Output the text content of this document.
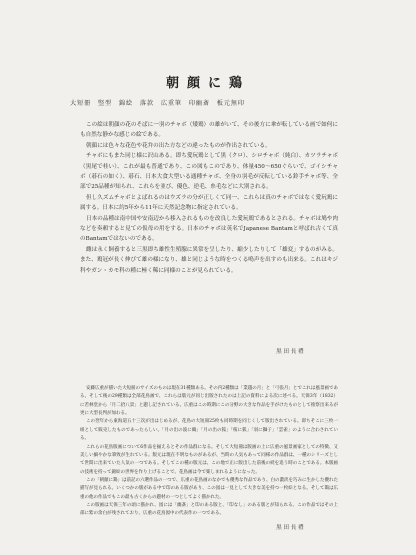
朝顔に鶏
大短冊　竪型　錦絵　落款　広重筆　印幽斎　板元無印

この絵は朝顔の花のそばに一羽のチャボ（矮鶏）の雄がいて、その後方に傘が転している画で如何にも自然な静かな感じの絵である。

朝顔には色々な花色や花弁の出た方などの違ったものが作出されている。

チャボにもまた同じ様に沢山ある。即ち愛玩鶏として黒（クロ）、シロチャボ（純白）、カツラチャボ（黒尾で桂い）、これが最も普通であり、この図もこのであり、体量450〜650ぐらいで、ゴイシチャボ（碁石の如く）、碁石、日本大食大型いる通種チャボ、全身の羽毛が反転している鈴手チャボ等、全部で25品種が知られ、これらを並び、優色、逆毛、糸毛などに大別される。

但し久ズムチャボとよばれるのはウズラの分が正しくて同一、これらは真のチャボではなく愛玩鶏に属する。日本に約5年から11年に天然記念物に指定されている。

日本の品種は南中国や安南辺から移入されるものを改良した愛玩鶏であるとされる。チャボは鳩や肉などを奏頼すると見ての仮母の用をする。日本のチャボは英名でJapanese Bantamと呼ばれ古くて真のBantamではないのである。

雌は永く飼養すると三黒即ち雄性生殖腺に異常を呈したり、縮少したりして「雄変」するのがみる。また、鶏冠が長く伸びて雄の様になり、雄と同じような時をつくる鳴声を出すのも出来る。これはキジ科やガン・カモ科の種に極く稀に同様のことが見られている。

黒田長禮

安藤広重が描いた大短冊のサイズのものは現在31種類ある。その内2種類は「業越の月」と「弓張月」とでこれは風景画である。そして後の29種類は全部花鳥画で、これらは版元が同じ出版されたのは上記の資料による次に述べる。天保3年（1832）に若林堂から「月二拾八景」と題し記されている。広重はこの時期にこの分野の大きな作品を手がけたものとして推察出来るが更に大型長判が加わる。

この翌年から東海道五十三次が出はじめるが、花鳥の大短冊25枚も同時期を同じくして版出されている。即ちそこに三枚一組として販売したものであったらしい。「月の出の波に鶴」「月の出の狐」「桜に狐」「羽に獅子」「雲雀」のように合わされている。

これらの花鳥版画について6作品を揃えるとその作品群になる。そして大短冊は版画の上に広重の風景画家としての特徴、又美しい細やかな筆致が生れている。版元は現在不明なものがあるが、当時の人気もあって同様の作品群は、一種のシリーズとして世間に出来ていた人気の一つである。そしてこの種の版元は、この地で正に版出した前後の続を追う時のことである。本版画の技術を持って錦絵の世界を作り上げることで、花鳥画は今で楽しまれるようになった。

この「朝顔に鶏」は前記の六選作品の一つで、広重の花鳥画のなかでも優秀な作品であり、白の濃淡を巧みに生かした優れた描写が見られる。いくつかの版がある中で印のある版があり、この図は一見として大きな美を持つ一枚絵となる。そして鶏は広重の他の作品でもこの最も古くからの題材の一つとしてよく描かれた。

この版画は天保三年の頃に描かれ、図には「幽斎」と印のある版と、「印なし」のある版とが知られる。この作品ではその上部に紫の余白が残されており、広重の花鳥図中の代表作の一つである。

黒田長禮
